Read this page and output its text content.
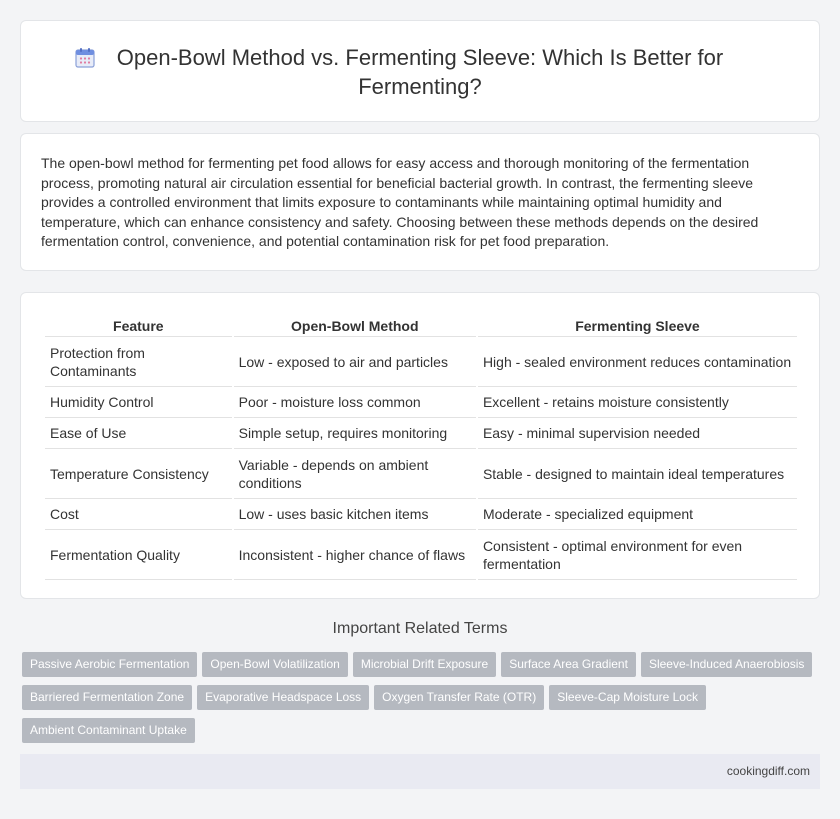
Open-Bowl Method vs. Fermenting Sleeve: Which Is Better for Fermenting?

The open-bowl method for fermenting pet food allows for easy access and thorough monitoring of the fermentation process, promoting natural air circulation essential for beneficial bacterial growth. In contrast, the fermenting sleeve provides a controlled environment that limits exposure to contaminants while maintaining optimal humidity and temperature, which can enhance consistency and safety. Choosing between these methods depends on the desired fermentation control, convenience, and potential contamination risk for pet food preparation.

Feature	Open-Bowl Method	Fermenting Sleeve
Protection from Contaminants	Low - exposed to air and particles	High - sealed environment reduces contamination
Humidity Control	Poor - moisture loss common	Excellent - retains moisture consistently
Ease of Use	Simple setup, requires monitoring	Easy - minimal supervision needed
Temperature Consistency	Variable - depends on ambient conditions	Stable - designed to maintain ideal temperatures
Cost	Low - uses basic kitchen items	Moderate - specialized equipment
Fermentation Quality	Inconsistent - higher chance of flaws	Consistent - optimal environment for even fermentation
Important Related Terms
Passive Aerobic Fermentation	Open-Bowl Volatilization	Microbial Drift Exposure	Surface Area Gradient	Sleeve-Induced Anaerobiosis
Barriered Fermentation Zone	Evaporative Headspace Loss	Oxygen Transfer Rate (OTR)	Sleeve-Cap Moisture Lock
Ambient Contaminant Uptake
cookingdiff.com
